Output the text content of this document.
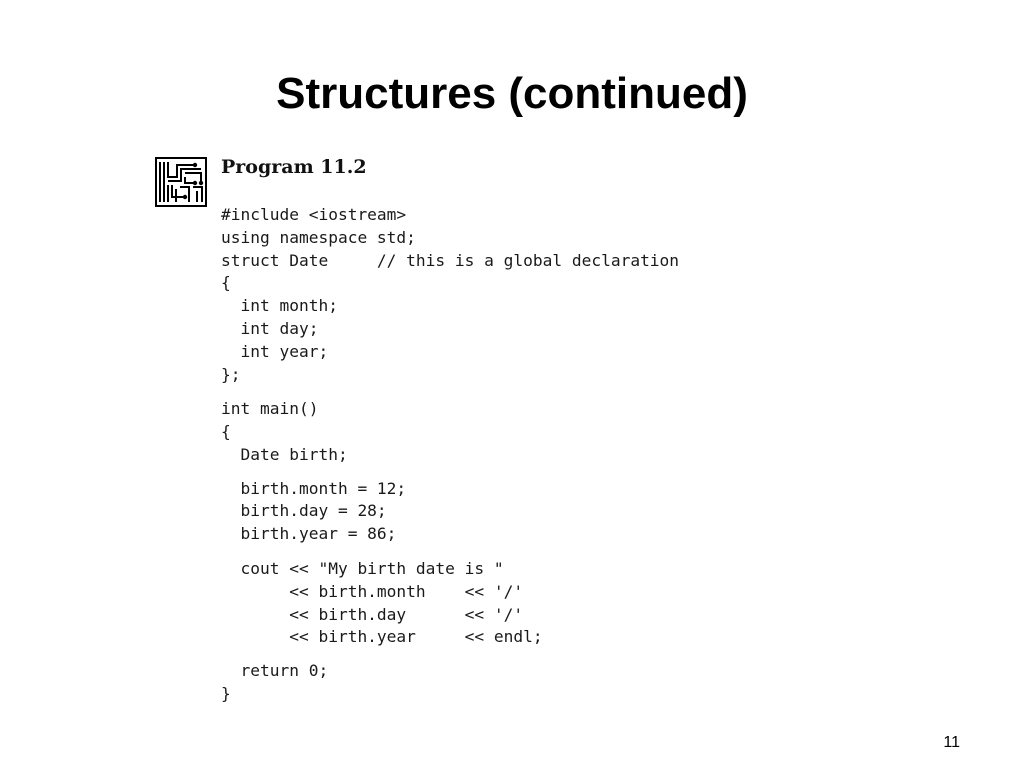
Structures (continued)
Program 11.2
#include <iostream>
using namespace std;
struct Date     // this is a global declaration
{
int month;
int day;
int year;
};
int main()
{
Date birth;
birth.month = 12;
birth.day = 28;
birth.year = 86;
cout << "My birth date is "
<< birth.month    << '/'
<< birth.day      << '/'
<< birth.year     << endl;
return 0;
}
11
